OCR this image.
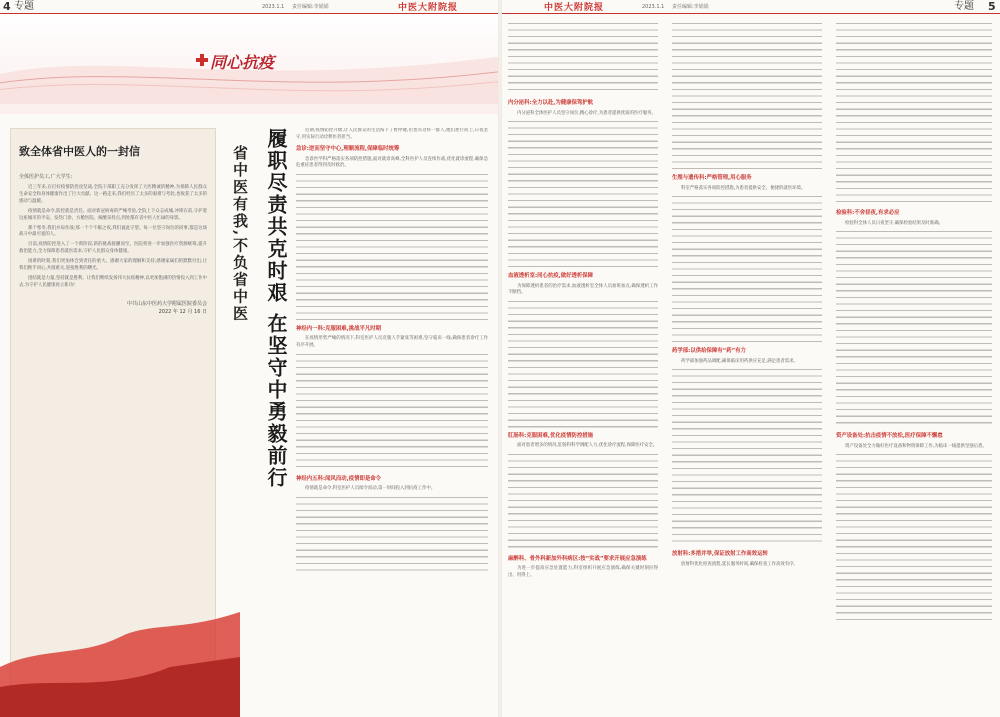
4 专题	2023.1.1 责任编辑:李娟娟	中医大附院报
同心抗疫
致全体省中医人的一封信
全体医护员工,广大学生:

近三年来,在打好疫情防控攻坚战,全院干部职工充分发挥了大医精诚的精神,为保障人民群众生命安全和身体健康作出了巨大贡献。这一路走来,我们经历了太多的艰难与考验,也收获了太多的感动与温暖。

疫情就是命令,防控就是责任。面对新冠病毒的严峻考验,全院上下众志成城,冲锋在前,守护着这座城市的平安。发热门诊、方舱医院、核酸采样点,到处都有省中医人忙碌的身影。

那个寒冬,我们并肩作战;那一个个不眠之夜,我们彼此守望。每一位坚守岗位的同事,都是这场战斗中最可爱的人。

目前,疫情防控进入了一个新阶段,新的挑战接踵而至。医院将进一步加强医疗资源统筹,提升救治能力,全力保障患者就医需求,守护人民群众身体健康。

困难的时刻,我们更加体会到责任的重大。感谢大家的理解和支持,感谢家属们的默默付出,让我们携手同心,共渡难关,迎接胜利的曙光。

团结就是力量,坚持就是胜利。让我们继续发扬伟大抗疫精神,以更加饱满的热情投入到工作中去,为守护人民健康再立新功!

中共山东中医药大学附属医院委员会
2022 年 12 月 16 日	履职尽责共克时艰 在坚守中勇毅前行
省中医有我,不负省中医

近期,疫情防控升级,让人民群众的生活按下了暂停键,但也有这样一群人,他们逆行而上,日夜坚守,用实际行动诠释医者担当。

急诊:逆而坚守中心,理顺流程,保障临时统筹

急诊医学科严格落实各项防控措施,面对就诊高峰,全科医护人员连续作战,优化就诊流程,确保急危重症患者得到及时救治。

神经内一科:克服困难,挑战平凡时期

在疫情形势严峻的情况下,科室医护人员克服人手紧张等困难,坚守临床一线,确保患者诊疗工作有序开展。

神经内五科:闻风而动,疫情即是命令

疫情就是命令,科室医护人员闻令而动,第一时间投入到抗疫工作中。

中医大附院报	2023.1.1 责任编辑:李娟娟	专题 5
内分泌科:全力以赴,为健康保驾护航

内分泌科全体医护人员坚守岗位,精心诊疗,为患者提供优质的医疗服务。

血液透析室:同心抗疫,做好透析保障

为保障透析患者的治疗需求,血液透析室全体人员加班加点,确保透析工作不断档。

肛肠科:克服困难,优化疫情防控措施

面对患者增多的情况,肛肠科科学调配人力,优化诊疗流程,保障医疗安全。

麻醉科、骨外科新加外科病区:按“实战”要求开展应急演练

为进一步提高应急处置能力,科室组织开展应急演练,确保关键时刻拉得出、用得上。

生殖与遗传科:严格管理,用心服务

科室严格落实各项防控措施,为患者提供安全、便捷的就医环境。

药学部:以供给保障有“药”有力

药学部加强药品调配,确保临床用药供应充足,满足患者需求。

放射科:多措并举,保证放射工作高效运转

放射科优化检查流程,延长服务时间,确保检查工作高效有序。

检验科:不舍昼夜,有求必应

检验科全体人员日夜坚守,确保检验结果及时准确。

资产设备处:抗击疫情不放松,医疗保障不懈怠

资产设备处全力做好医疗设备和物资保障工作,为临床一线提供坚强后盾。
